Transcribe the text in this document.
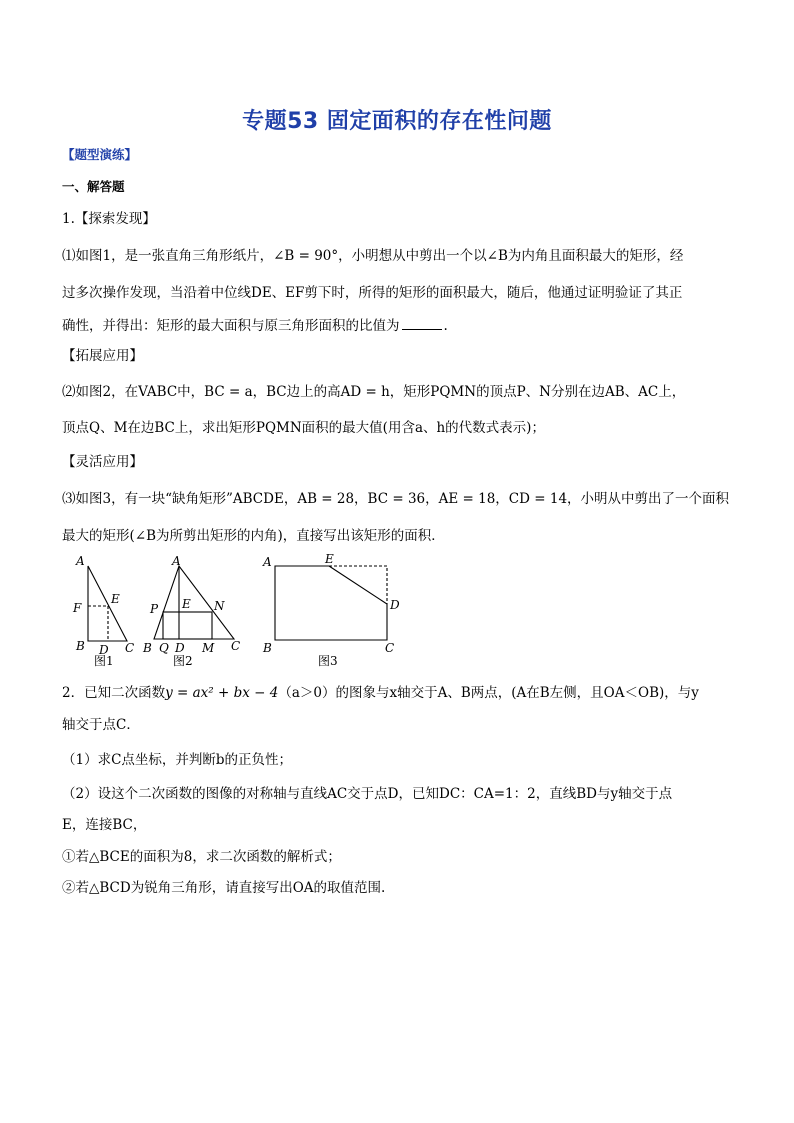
专题53 固定面积的存在性问题
【题型演练】
一、解答题
1.【探索发现】
⑴如图1，是一张直角三角形纸片，∠B = 90°，小明想从中剪出一个以∠B为内角且面积最大的矩形，经
过多次操作发现，当沿着中位线DE、EF剪下时，所得的矩形的面积最大，随后，他通过证明验证了其正
确性，并得出：矩形的最大面积与原三角形面积的比值为	.
【拓展应用】
⑵如图2，在VABC中，BC = a，BC边上的高AD = h，矩形PQMN的顶点P、N分别在边AB、AC上，
顶点Q、M在边BC上，求出矩形PQMN面积的最大值(用含a、h的代数式表示)；
【灵活应用】
⑶如图3，有一块“缺角矩形”ABCDE，AB = 28，BC = 36，AE = 18，CD = 14，小明从中剪出了一个面积
最大的矩形(∠B为所剪出矩形的内角)，直接写出该矩形的面积．
A
F
E
B D C
图1
A
P E N
B Q D M C
图2
A	E
D
B	C
图3
2．已知二次函数y = ax² + bx − 4（a＞0）的图象与x轴交于A、B两点，(A在B左侧，且OA＜OB)，与y
轴交于点C．
（1）求C点坐标，并判断b的正负性；
（2）设这个二次函数的图像的对称轴与直线AC交于点D，已知DC：CA=1：2，直线BD与y轴交于点
E，连接BC，
①若△BCE的面积为8，求二次函数的解析式；
②若△BCD为锐角三角形，请直接写出OA的取值范围.
